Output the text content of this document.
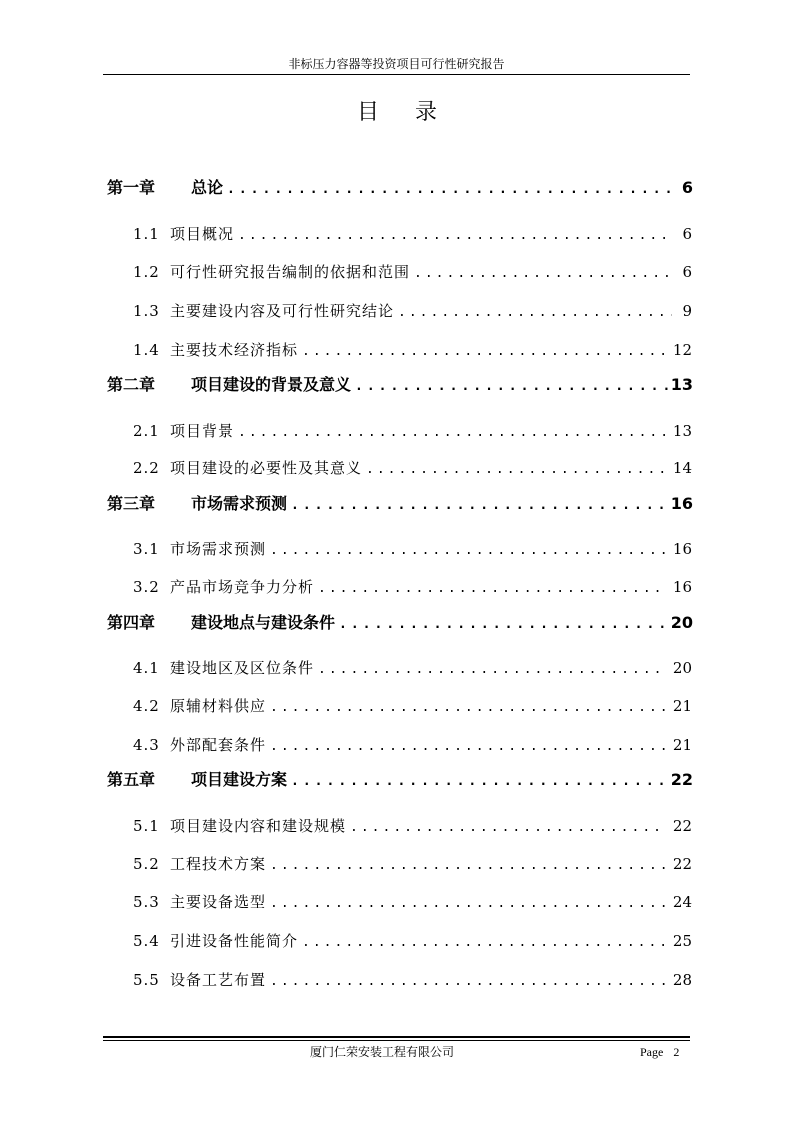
非标压力容器等投资项目可行性研究报告
目录
第一章	总论 .....	6
1.1 项目概况 .....	6
1.2 可行性研究报告编制的依据和范围 .....	6
1.3 主要建设内容及可行性研究结论 .....	9
1.4 主要技术经济指标 .....	12
第二章	项目建设的背景及意义 .....	13
2.1 项目背景 .....	13
2.2 项目建设的必要性及其意义 .....	14
第三章	市场需求预测 .....	16
3.1 市场需求预测 .....	16
3.2 产品市场竞争力分析 .....	16
第四章	建设地点与建设条件 .....	20
4.1 建设地区及区位条件 .....	20
4.2 原辅材料供应 .....	21
4.3 外部配套条件 .....	21
第五章	项目建设方案 .....	22
5.1 项目建设内容和建设规模 .....	22
5.2 工程技术方案 .....	22
5.3 主要设备选型 .....	24
5.4 引进设备性能简介 .....	25
5.5 设备工艺布置 .....	28
厦门仁荣安装工程有限公司	Page 2
